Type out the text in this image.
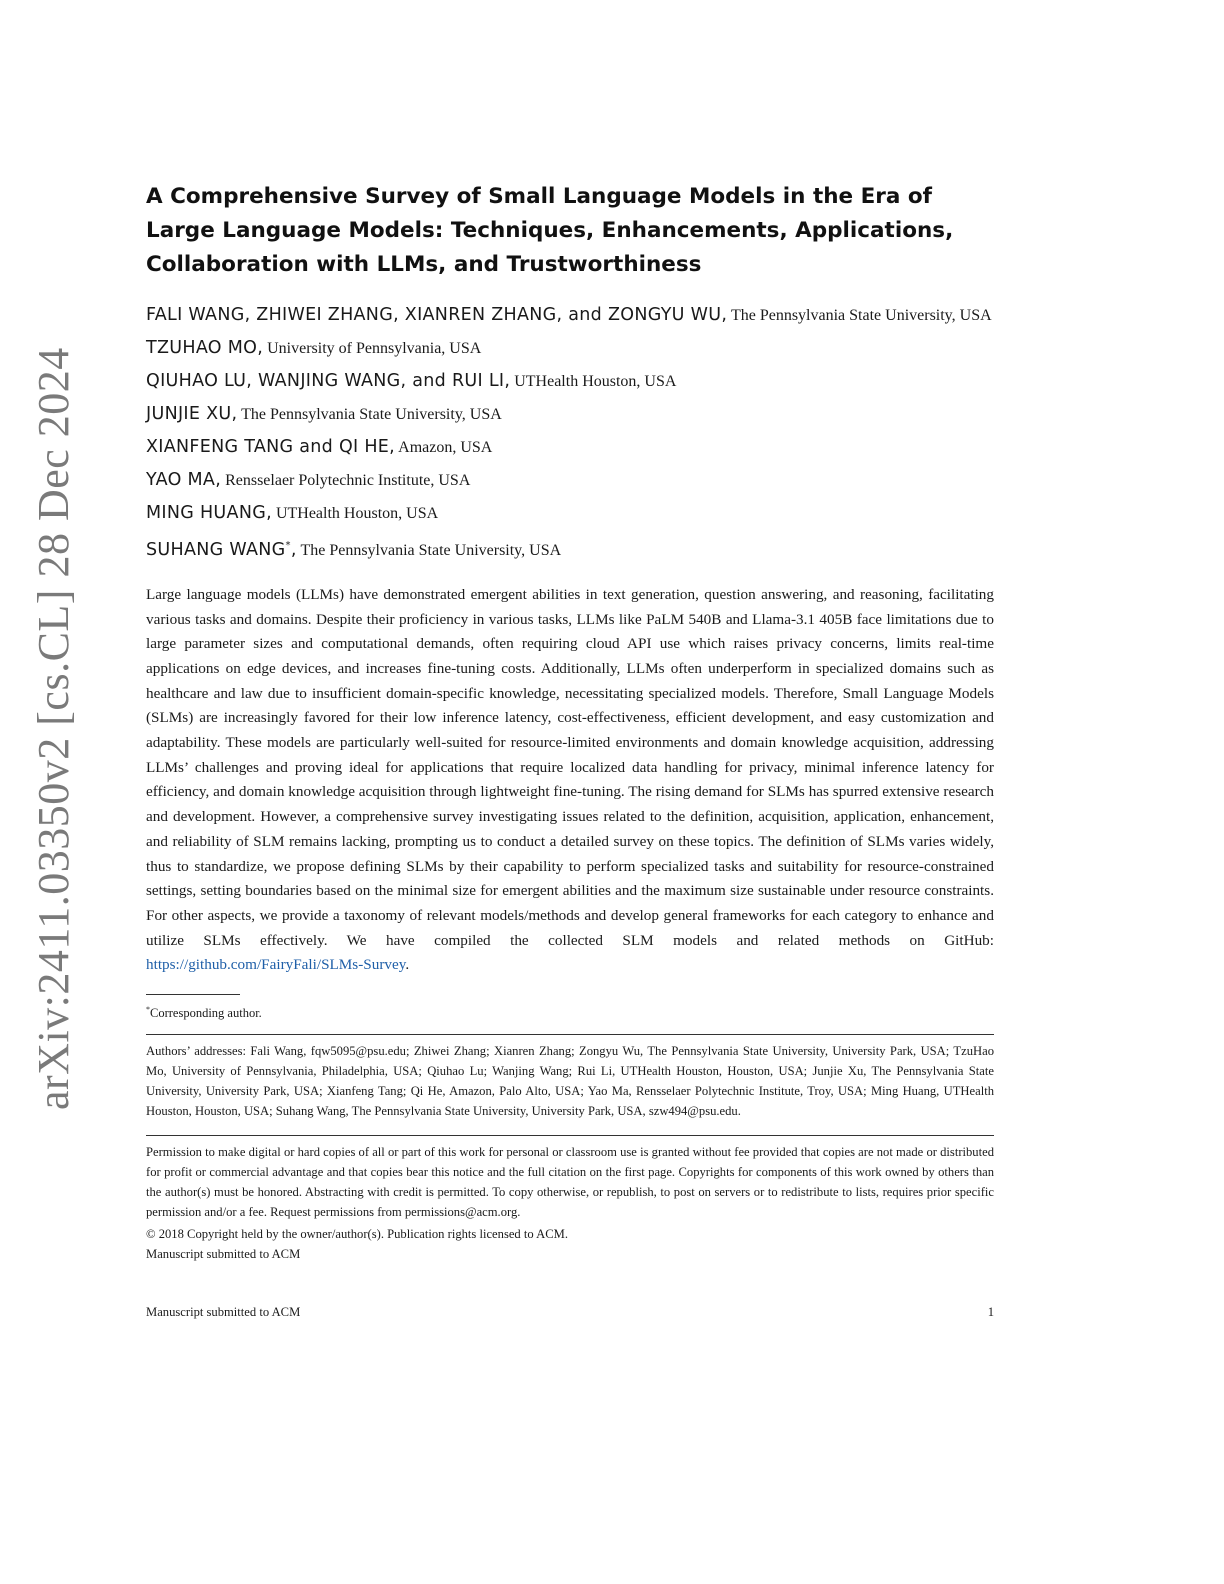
arXiv:2411.03350v2 [cs.CL] 28 Dec 2024
A Comprehensive Survey of Small Language Models in the Era of Large Language Models: Techniques, Enhancements, Applications, Collaboration with LLMs, and Trustworthiness
FALI WANG, ZHIWEI ZHANG, XIANREN ZHANG, and ZONGYU WU, The Pennsylvania State University, USA
TZUHAO MO, University of Pennsylvania, USA
QIUHAO LU, WANJING WANG, and RUI LI, UTHealth Houston, USA
JUNJIE XU, The Pennsylvania State University, USA
XIANFENG TANG and QI HE, Amazon, USA
YAO MA, Rensselaer Polytechnic Institute, USA
MING HUANG, UTHealth Houston, USA
SUHANG WANG*, The Pennsylvania State University, USA

Large language models (LLMs) have demonstrated emergent abilities in text generation, question answering, and reasoning, facilitating various tasks and domains. Despite their proficiency in various tasks, LLMs like PaLM 540B and Llama-3.1 405B face limitations due to large parameter sizes and computational demands, often requiring cloud API use which raises privacy concerns, limits real-time applications on edge devices, and increases fine-tuning costs. Additionally, LLMs often underperform in specialized domains such as healthcare and law due to insufficient domain-specific knowledge, necessitating specialized models. Therefore, Small Language Models (SLMs) are increasingly favored for their low inference latency, cost-effectiveness, efficient development, and easy customization and adaptability. These models are particularly well-suited for resource-limited environments and domain knowledge acquisition, addressing LLMs’ challenges and proving ideal for applications that require localized data handling for privacy, minimal inference latency for efficiency, and domain knowledge acquisition through lightweight fine-tuning. The rising demand for SLMs has spurred extensive research and development. However, a comprehensive survey investigating issues related to the definition, acquisition, application, enhancement, and reliability of SLM remains lacking, prompting us to conduct a detailed survey on these topics. The definition of SLMs varies widely, thus to standardize, we propose defining SLMs by their capability to perform specialized tasks and suitability for resource-constrained settings, setting boundaries based on the minimal size for emergent abilities and the maximum size sustainable under resource constraints. For other aspects, we provide a taxonomy of relevant models/methods and develop general frameworks for each category to enhance and utilize SLMs effectively. We have compiled the collected SLM models and related methods on GitHub: https://github.com/FairyFali/SLMs-Survey.

*Corresponding author.

Authors’ addresses: Fali Wang, fqw5095@psu.edu; Zhiwei Zhang; Xianren Zhang; Zongyu Wu, The Pennsylvania State University, University Park, USA; TzuHao Mo, University of Pennsylvania, Philadelphia, USA; Qiuhao Lu; Wanjing Wang; Rui Li, UTHealth Houston, Houston, USA; Junjie Xu, The Pennsylvania State University, University Park, USA; Xianfeng Tang; Qi He, Amazon, Palo Alto, USA; Yao Ma, Rensselaer Polytechnic Institute, Troy, USA; Ming Huang, UTHealth Houston, Houston, USA; Suhang Wang, The Pennsylvania State University, University Park, USA, szw494@psu.edu.

Permission to make digital or hard copies of all or part of this work for personal or classroom use is granted without fee provided that copies are not made or distributed for profit or commercial advantage and that copies bear this notice and the full citation on the first page. Copyrights for components of this work owned by others than the author(s) must be honored. Abstracting with credit is permitted. To copy otherwise, or republish, to post on servers or to redistribute to lists, requires prior specific permission and/or a fee. Request permissions from permissions@acm.org.

© 2018 Copyright held by the owner/author(s). Publication rights licensed to ACM.

Manuscript submitted to ACM

Manuscript submitted to ACM	1
